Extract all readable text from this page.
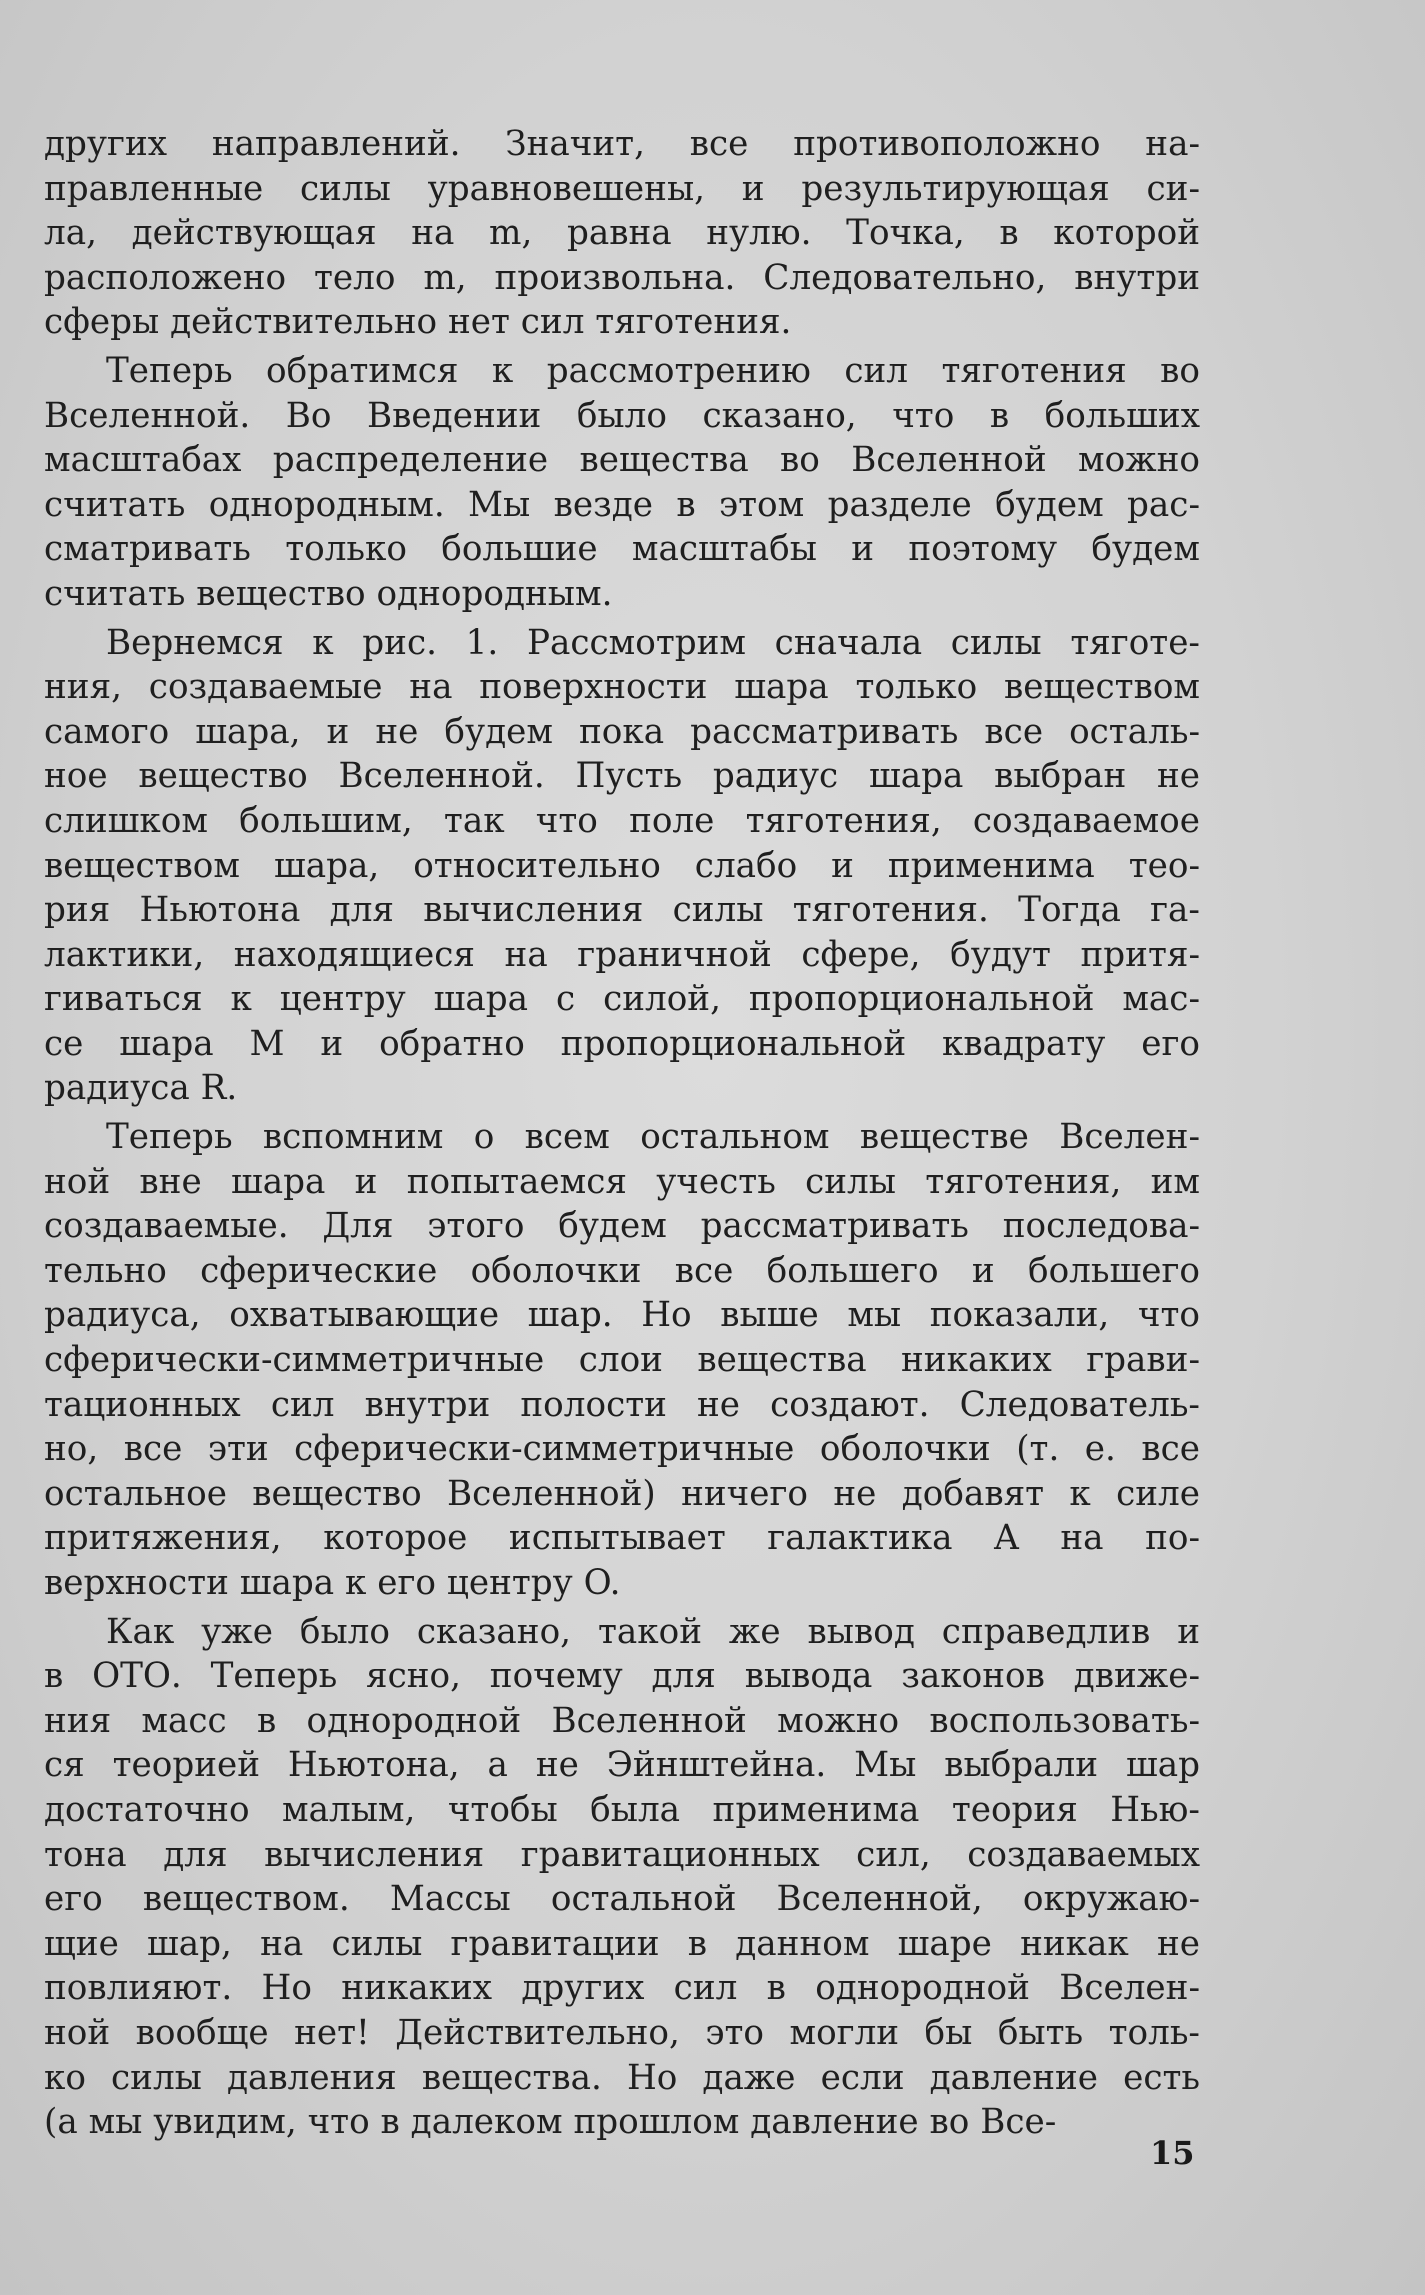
других направлений. Значит, все противоположно на-
правленные силы уравновешены, и результирующая си-
ла, действующая на m, равна нулю. Точка, в которой
расположено тело m, произвольна. Следовательно, внутри
сферы действительно нет сил тяготения.
Теперь обратимся к рассмотрению сил тяготения во
Вселенной. Во Введении было сказано, что в больших
масштабах распределение вещества во Вселенной можно
считать однородным. Мы везде в этом разделе будем рас-
сматривать только большие масштабы и поэтому будем
считать вещество однородным.
Вернемся к рис. 1. Рассмотрим сначала силы тяготе-
ния, создаваемые на поверхности шара только веществом
самого шара, и не будем пока рассматривать все осталь-
ное вещество Вселенной. Пусть радиус шара выбран не
слишком большим, так что поле тяготения, создаваемое
веществом шара, относительно слабо и применима тео-
рия Ньютона для вычисления силы тяготения. Тогда га-
лактики, находящиеся на граничной сфере, будут притя-
гиваться к центру шара с силой, пропорциональной мас-
се шара M и обратно пропорциональной квадрату его
радиуса R.
Теперь вспомним о всем остальном веществе Вселен-
ной вне шара и попытаемся учесть силы тяготения, им
создаваемые. Для этого будем рассматривать последова-
тельно сферические оболочки все большего и большего
радиуса, охватывающие шар. Но выше мы показали, что
сферически-симметричные слои вещества никаких грави-
тационных сил внутри полости не создают. Следователь-
но, все эти сферически-симметричные оболочки (т. е. все
остальное вещество Вселенной) ничего не добавят к силе
притяжения, которое испытывает галактика A на по-
верхности шара к его центру O.
Как уже было сказано, такой же вывод справедлив и
в ОТО. Теперь ясно, почему для вывода законов движе-
ния масс в однородной Вселенной можно воспользовать-
ся теорией Ньютона, а не Эйнштейна. Мы выбрали шар
достаточно малым, чтобы была применима теория Нью-
тона для вычисления гравитационных сил, создаваемых
его веществом. Массы остальной Вселенной, окружаю-
щие шар, на силы гравитации в данном шаре никак не
повлияют. Но никаких других сил в однородной Вселен-
ной вообще нет! Действительно, это могли бы быть толь-
ко силы давления вещества. Но даже если давление есть
(а мы увидим, что в далеком прошлом давление во Все-
15
